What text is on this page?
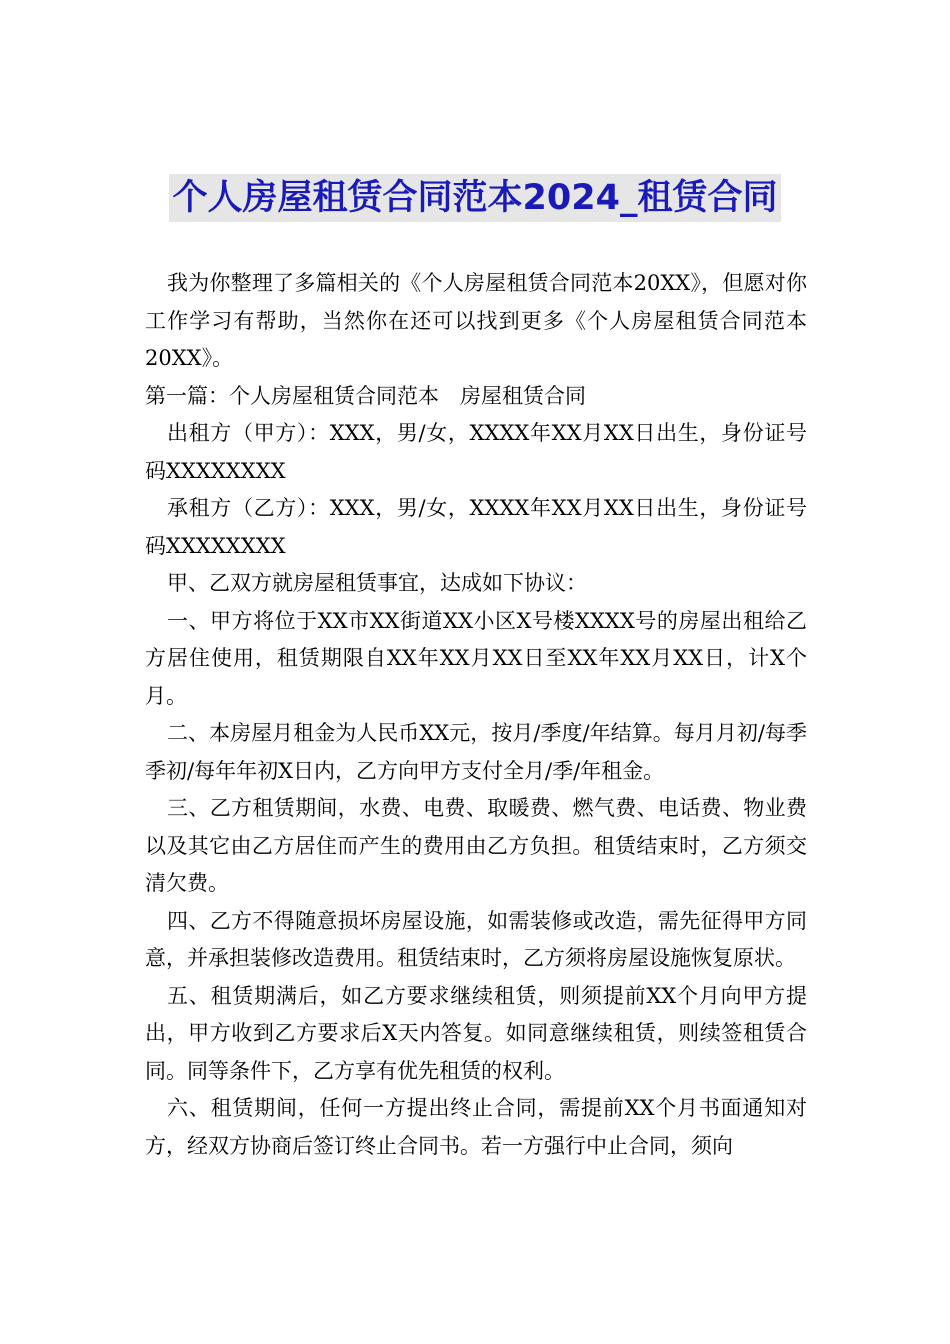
个人房屋租赁合同范本2024_租赁合同

我为你整理了多篇相关的《个人房屋租赁合同范本20XX》，但愿对你工作学习有帮助，当然你在还可以找到更多《个人房屋租赁合同范本20XX》。

第一篇：个人房屋租赁合同范本　房屋租赁合同

出租方（甲方）：XXX，男/女，XXXX年XX月XX日出生，身份证号码XXXXXXXX

承租方（乙方）：XXX，男/女，XXXX年XX月XX日出生，身份证号码XXXXXXXX

甲、乙双方就房屋租赁事宜，达成如下协议：

一、甲方将位于XX市XX街道XX小区X号楼XXXX号的房屋出租给乙方居住使用，租赁期限自XX年XX月XX日至XX年XX月XX日，计X个月。

二、本房屋月租金为人民币XX元，按月/季度/年结算。每月月初/每季季初/每年年初X日内，乙方向甲方支付全月/季/年租金。

三、乙方租赁期间，水费、电费、取暖费、燃气费、电话费、物业费以及其它由乙方居住而产生的费用由乙方负担。租赁结束时，乙方须交清欠费。

四、乙方不得随意损坏房屋设施，如需装修或改造，需先征得甲方同意，并承担装修改造费用。租赁结束时，乙方须将房屋设施恢复原状。

五、租赁期满后，如乙方要求继续租赁，则须提前XX个月向甲方提出，甲方收到乙方要求后X天内答复。如同意继续租赁，则续签租赁合同。同等条件下，乙方享有优先租赁的权利。

六、租赁期间，任何一方提出终止合同，需提前XX个月书面通知对方，经双方协商后签订终止合同书。若一方强行中止合同，须向
